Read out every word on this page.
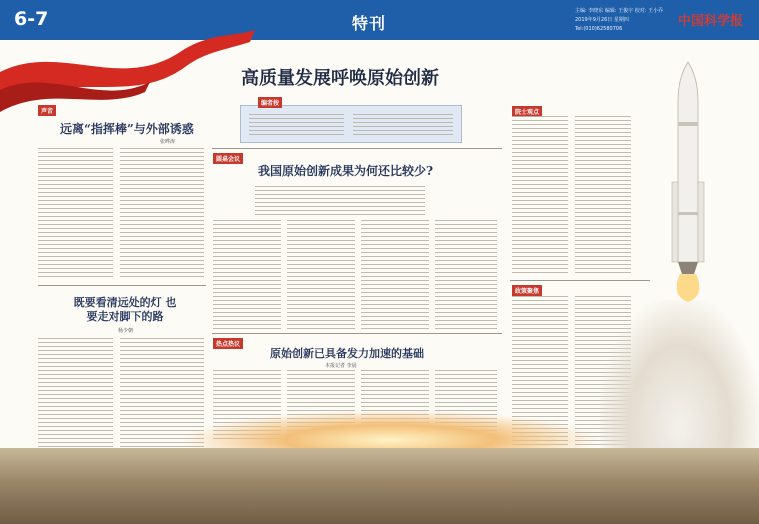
6-7	特刊
主编: 李晓东 编辑: 王俊宇 校对: 王小乔
2019年9月26日 星期四
Tel:(010)62580706	中国科学报
高质量发展呼唤原始创新
编者按
声音
远离“指挥棒”与外部诱惑
张晔涛
既要看清远处的灯 也要走对脚下的路
杨少朝
圆桌会议
我国原始创新成果为何还比较少?
热点热议
原始创新已具备发力加速的基础
本报记者 李晨
院士观点
政策聚焦
